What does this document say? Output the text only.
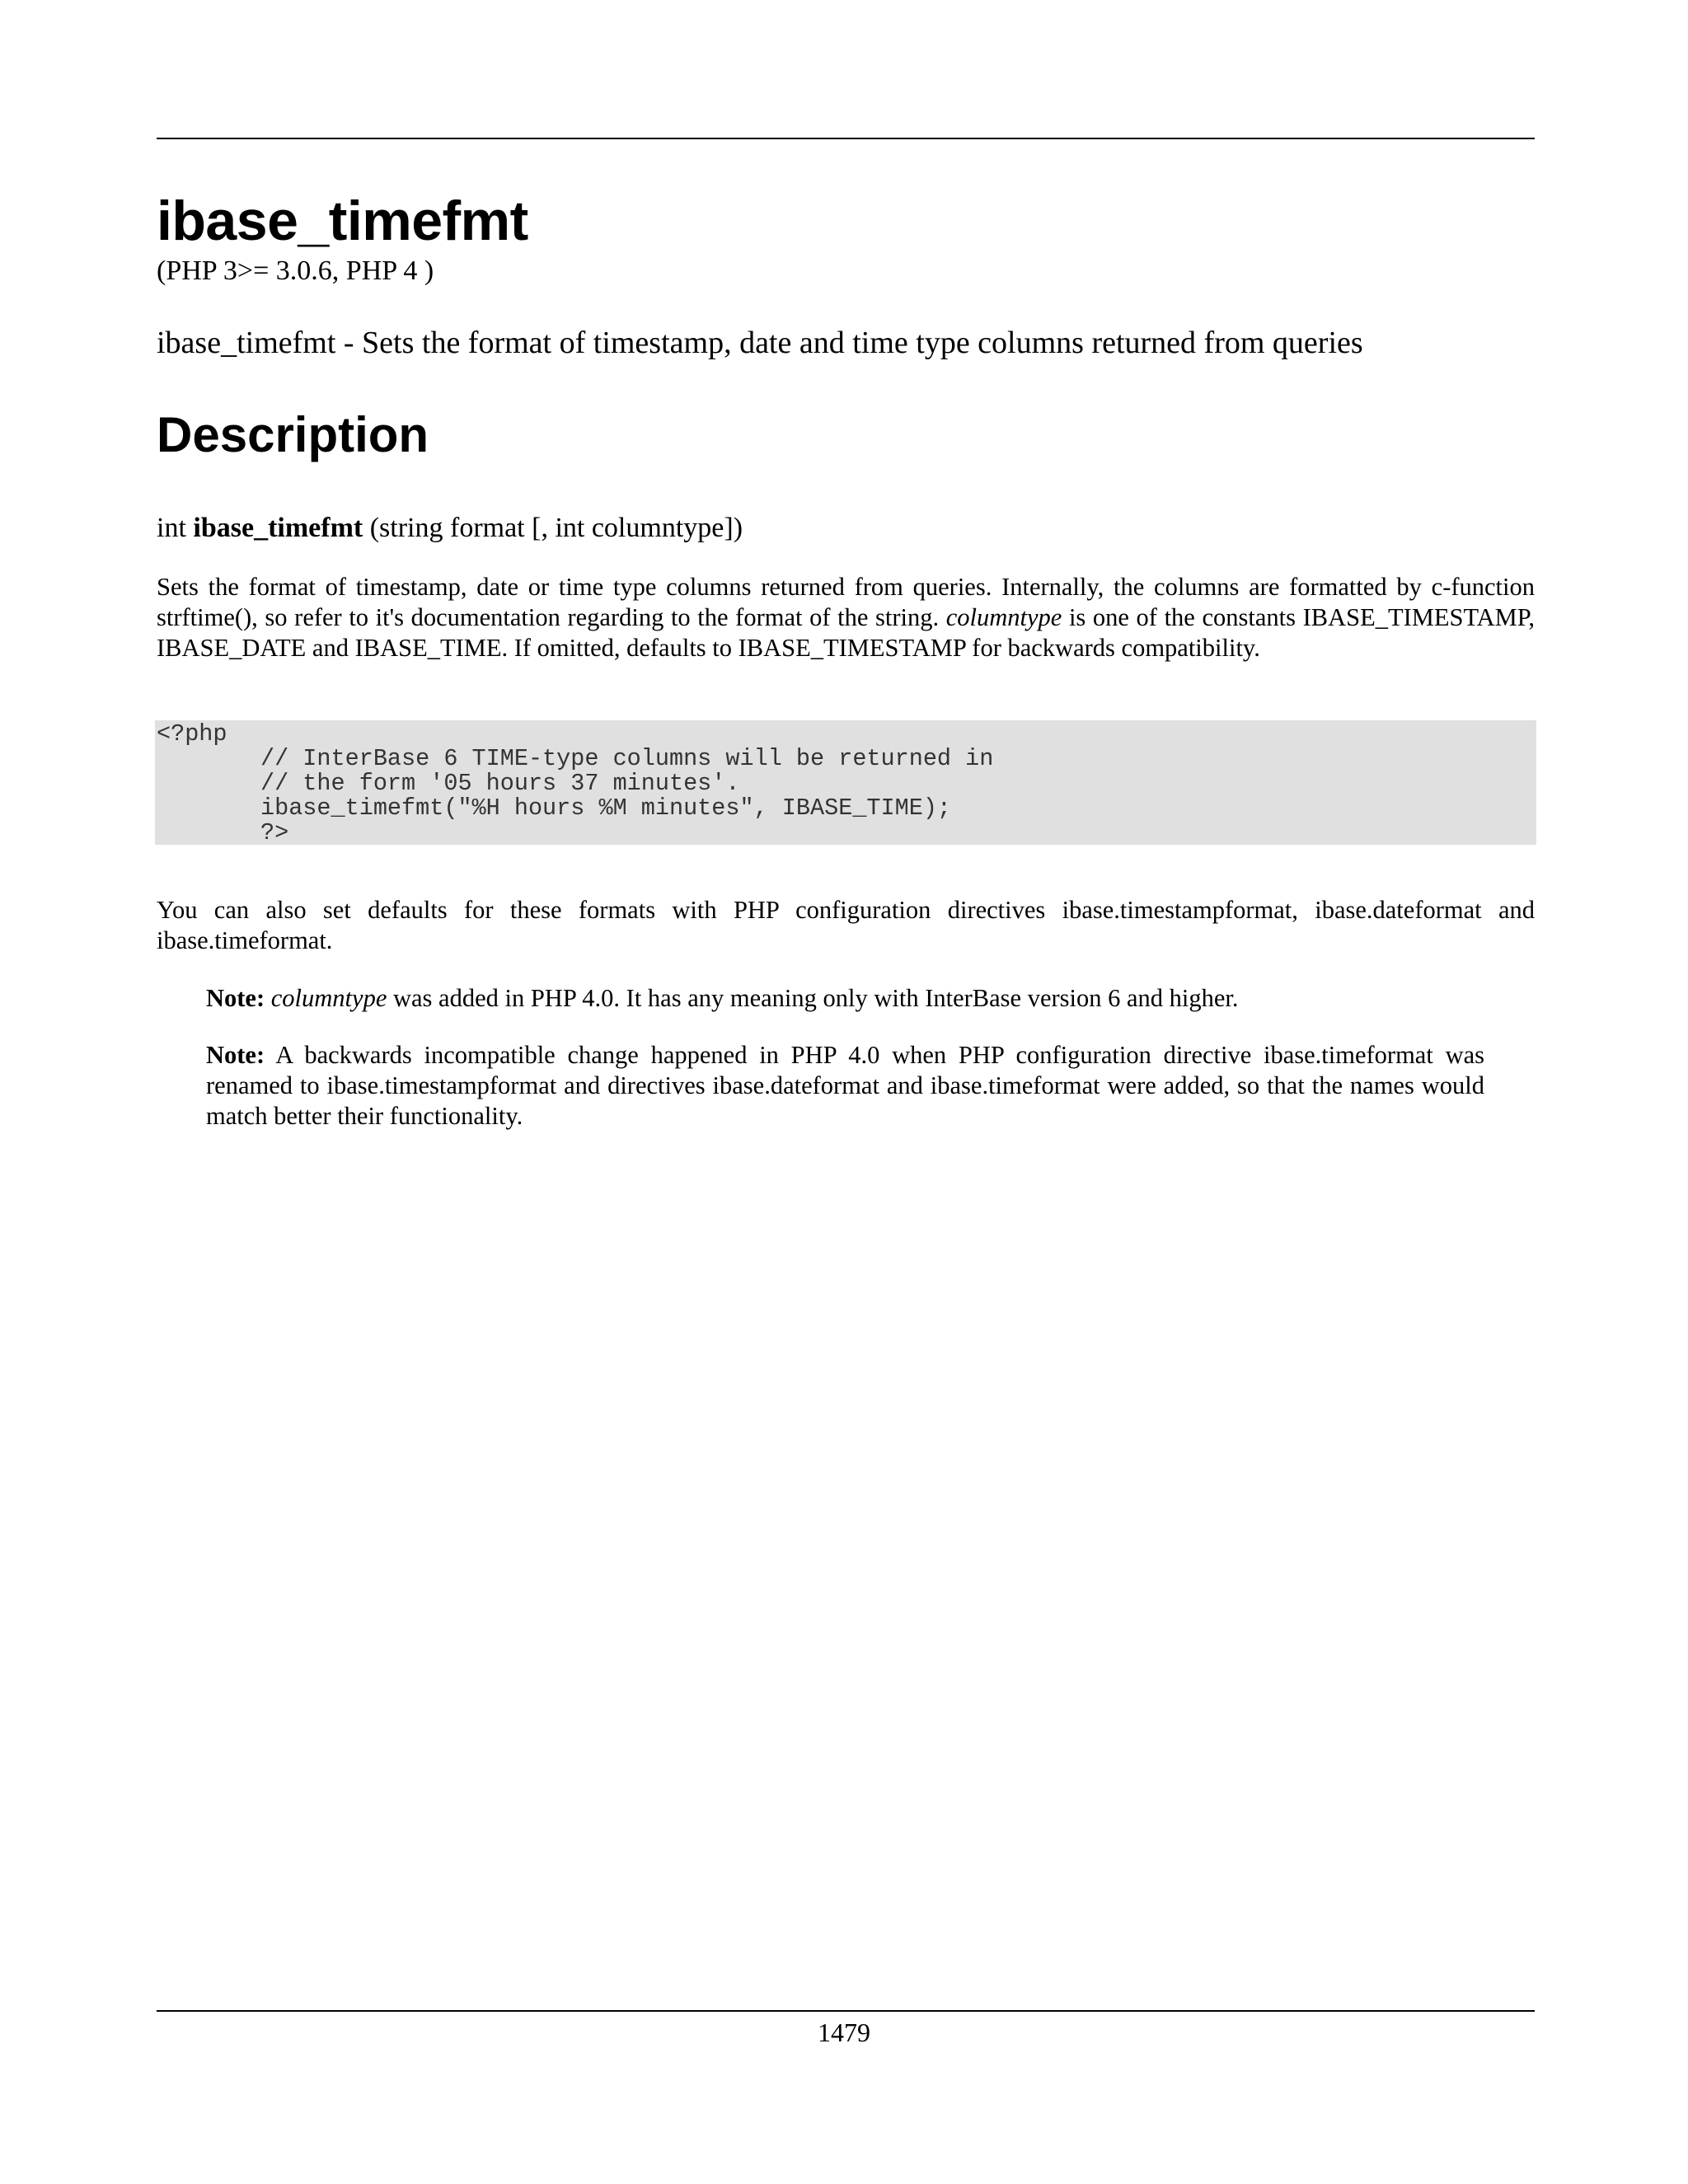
ibase_timefmt

(PHP 3>= 3.0.6, PHP 4 )

ibase_timefmt - Sets the format of timestamp, date and time type columns returned from queries

Description

int ibase_timefmt (string format [, int columntype])

Sets the format of timestamp, date or time type columns returned from queries. Internally, the columns are formatted by c-function strftime(), so refer to it's documentation regarding to the format of the string. columntype is one of the constants IBASE_TIMESTAMP, IBASE_DATE and IBASE_TIME. If omitted, defaults to IBASE_TIMESTAMP for backwards compatibility.

<?php
// InterBase 6 TIME-type columns will be returned in
// the form '05 hours 37 minutes'.
ibase_timefmt("%H hours %M minutes", IBASE_TIME);
?>

You can also set defaults for these formats with PHP configuration directives ibase.timestampformat, ibase.dateformat and ibase.timeformat.

Note: columntype was added in PHP 4.0. It has any meaning only with InterBase version 6 and higher.

Note: A backwards incompatible change happened in PHP 4.0 when PHP configuration directive ibase.timeformat was renamed to ibase.timestampformat and directives ibase.dateformat and ibase.timeformat were added, so that the names would match better their functionality.

1479
